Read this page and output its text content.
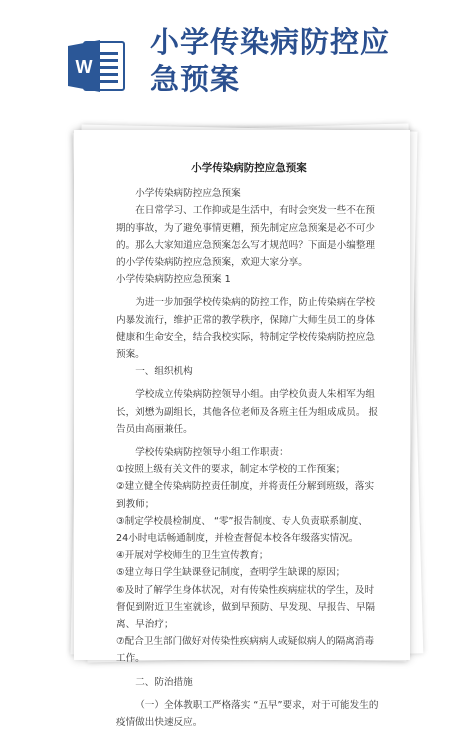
W
小学传染病防控应
急预案

小学传染病防控应急预案

小学传染病防控应急预案

在日常学习、工作抑或是生活中，有时会突发一些不在预期的事故，为了避免事情更糟，预先制定应急预案是必不可少的。那么大家知道应急预案怎么写才规范吗？下面是小编整理的小学传染病防控应急预案，欢迎大家分享。

小学传染病防控应急预案 1

为进一步加强学校传染病的防控工作，防止传染病在学校内暴发流行，维护正常的教学秩序，保障广大师生员工的身体健康和生命安全，结合我校实际，特制定学校传染病防控应急预案。

一、组织机构

学校成立传染病防控领导小组。由学校负责人朱相军为组长，刘懋为副组长，其他各位老师及各班主任为组成成员。 报告员由高丽兼任。

学校传染病防控领导小组工作职责：

①按照上级有关文件的要求，制定本学校的工作预案；

②建立健全传染病防控责任制度，并将责任分解到班级，落实到教师；

③制定学校晨检制度、 “零”报告制度、专人负责联系制度、 24小时电话畅通制度，并检查督促本校各年级落实情况。

④开展对学校师生的卫生宣传教育；

⑤建立每日学生缺课登记制度，查明学生缺课的原因；

⑥及时了解学生身体状况，对有传染性疾病症状的学生，及时督促到附近卫生室就诊，做到早预防、早发现、早报告、早隔离、早治疗；

⑦配合卫生部门做好对传染性疾病病人或疑似病人的隔离消毒工作。

二、防治措施

（一）全体教职工严格落实 “五早”要求，对于可能发生的疫情做出快速反应。
